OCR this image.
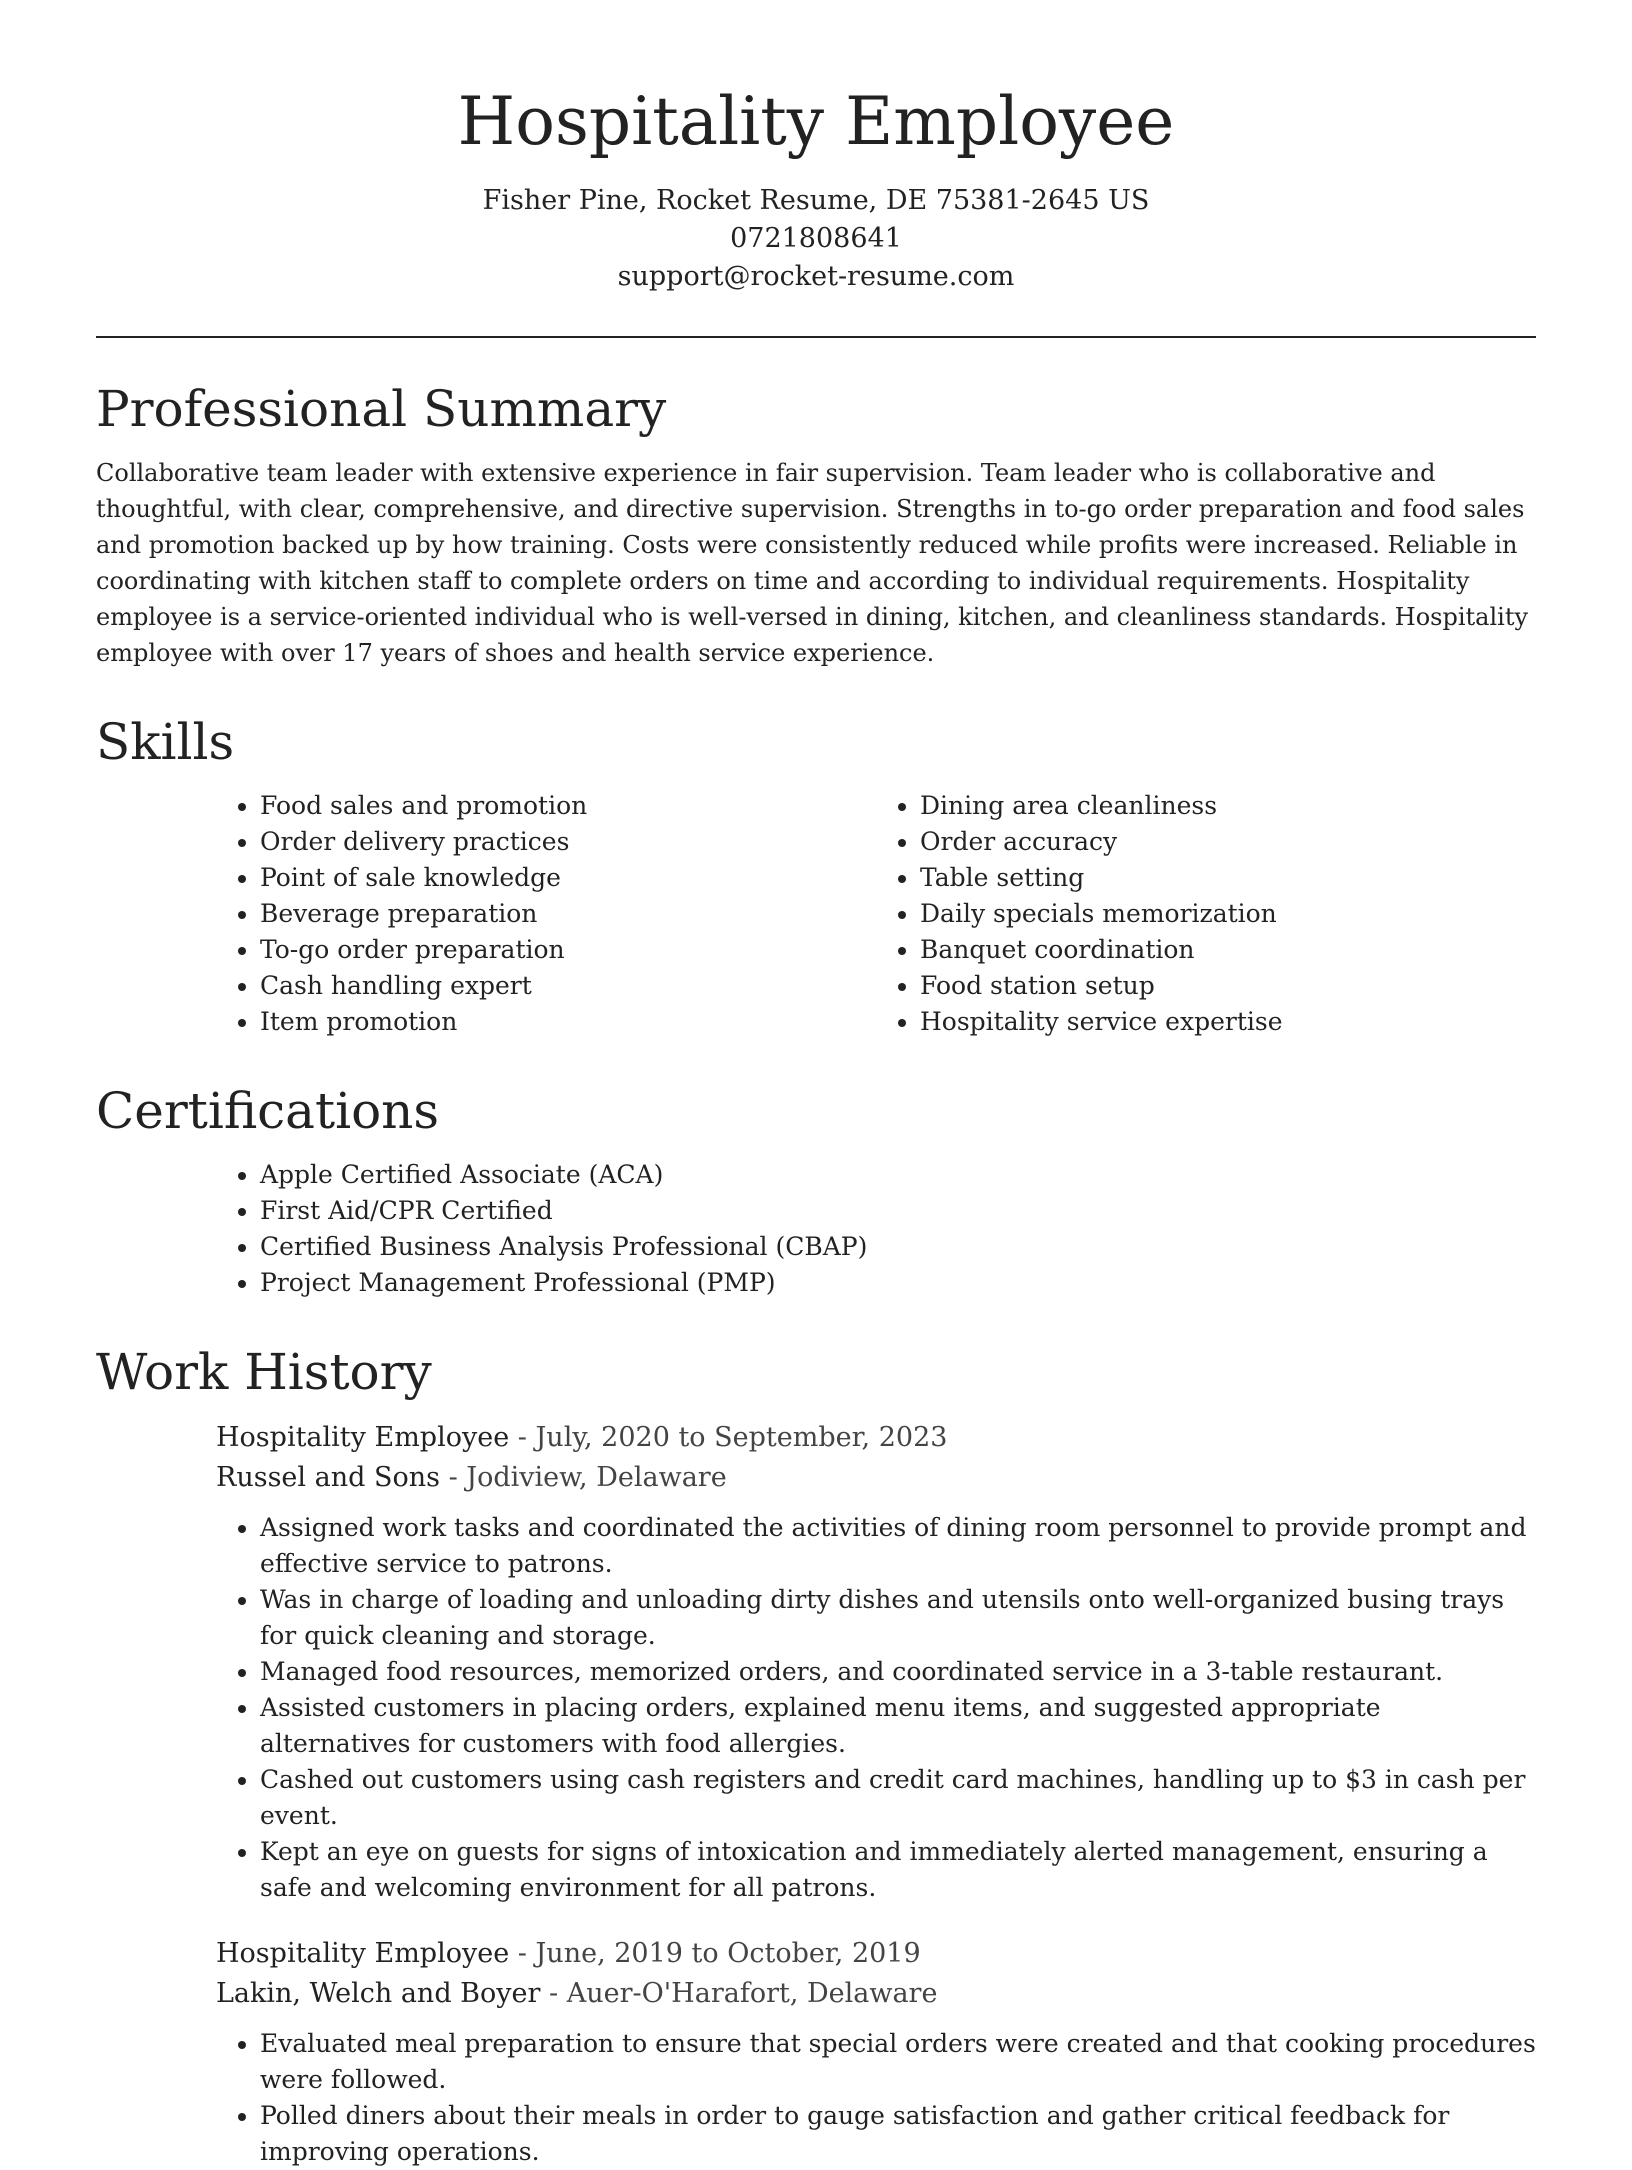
Hospitality Employee
Fisher Pine, Rocket Resume, DE 75381-2645 US
0721808641
support@rocket-resume.com
Professional Summary

Collaborative team leader with extensive experience in fair supervision. Team leader who is collaborative and thoughtful, with clear, comprehensive, and directive supervision. Strengths in to-go order preparation and food sales and promotion backed up by how training. Costs were consistently reduced while profits were increased. Reliable in coordinating with kitchen staff to complete orders on time and according to individual requirements. Hospitality employee is a service-oriented individual who is well-versed in dining, kitchen, and cleanliness standards. Hospitality employee with over 17 years of shoes and health service experience.

Skills
• Food sales and promotion
• Order delivery practices
• Point of sale knowledge
• Beverage preparation
• To-go order preparation
• Cash handling expert
• Item promotion
• Dining area cleanliness
• Order accuracy
• Table setting
• Daily specials memorization
• Banquet coordination
• Food station setup
• Hospitality service expertise
Certifications
• Apple Certified Associate (ACA)
• First Aid/CPR Certified
• Certified Business Analysis Professional (CBAP)
• Project Management Professional (PMP)
Work History
Hospitality Employee - July, 2020 to September, 2023
Russel and Sons - Jodiview, Delaware
• Assigned work tasks and coordinated the activities of dining room personnel to provide prompt and effective service to patrons.
• Was in charge of loading and unloading dirty dishes and utensils onto well-organized busing trays for quick cleaning and storage.
• Managed food resources, memorized orders, and coordinated service in a 3-table restaurant.
• Assisted customers in placing orders, explained menu items, and suggested appropriate alternatives for customers with food allergies.
• Cashed out customers using cash registers and credit card machines, handling up to $3 in cash per event.
• Kept an eye on guests for signs of intoxication and immediately alerted management, ensuring a safe and welcoming environment for all patrons.
Hospitality Employee - June, 2019 to October, 2019
Lakin, Welch and Boyer - Auer-O'Harafort, Delaware
• Evaluated meal preparation to ensure that special orders were created and that cooking procedures were followed.
• Polled diners about their meals in order to gauge satisfaction and gather critical feedback for improving operations.
